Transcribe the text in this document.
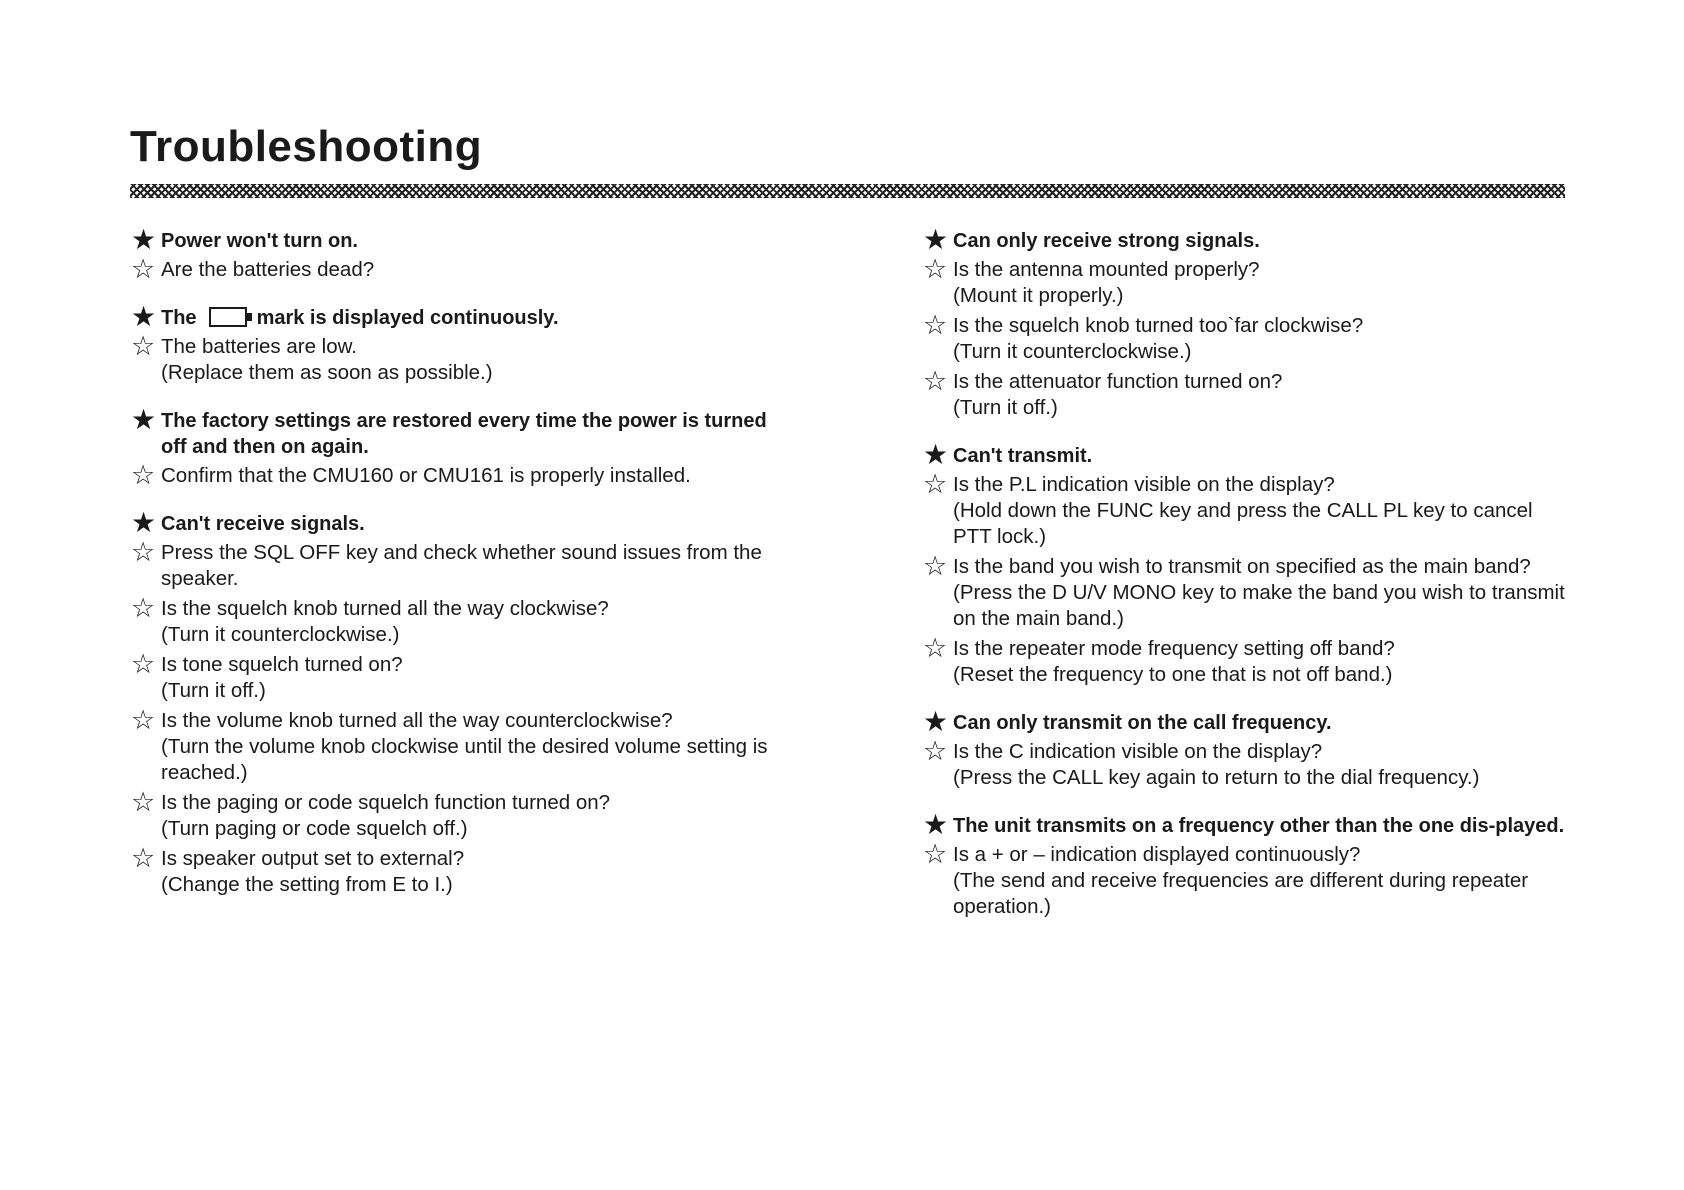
Troubleshooting
★ Power won't turn on.
☆ Are the batteries dead?
★ The	mark is displayed continuously.
☆ The batteries are low.
(Replace them as soon as possible.)
★ The factory settings are restored every time the power is turned off and then on again.
☆ Confirm that the CMU160 or CMU161 is properly installed.
★ Can't receive signals.
☆ Press the SQL OFF key and check whether sound issues from the speaker.
☆ Is the squelch knob turned all the way clockwise?
(Turn it counterclockwise.)
☆ Is tone squelch turned on?
(Turn it off.)
☆ Is the volume knob turned all the way counterclockwise?
(Turn the volume knob clockwise until the desired volume setting is reached.)
☆ Is the paging or code squelch function turned on?
(Turn paging or code squelch off.)
☆ Is speaker output set to external?
(Change the setting from E to I.)
★ Can only receive strong signals.
☆ Is the antenna mounted properly?
(Mount it properly.)
☆ Is the squelch knob turned too`far clockwise?
(Turn it counterclockwise.)
☆ Is the attenuator function turned on?
(Turn it off.)
★ Can't transmit.
☆ Is the P.L indication visible on the display?
(Hold down the FUNC key and press the CALL PL key to cancel PTT lock.)
☆ Is the band you wish to transmit on specified as the main band?
(Press the D U/V MONO key to make the band you wish to transmit on the main band.)
☆ Is the repeater mode frequency setting off band?
(Reset the frequency to one that is not off band.)
★ Can only transmit on the call frequency.
☆ Is the C indication visible on the display?
(Press the CALL key again to return to the dial frequency.)
★ The unit transmits on a frequency other than the one dis-played.
☆ Is a + or – indication displayed continuously?
(The send and receive frequencies are different during repeater operation.)
